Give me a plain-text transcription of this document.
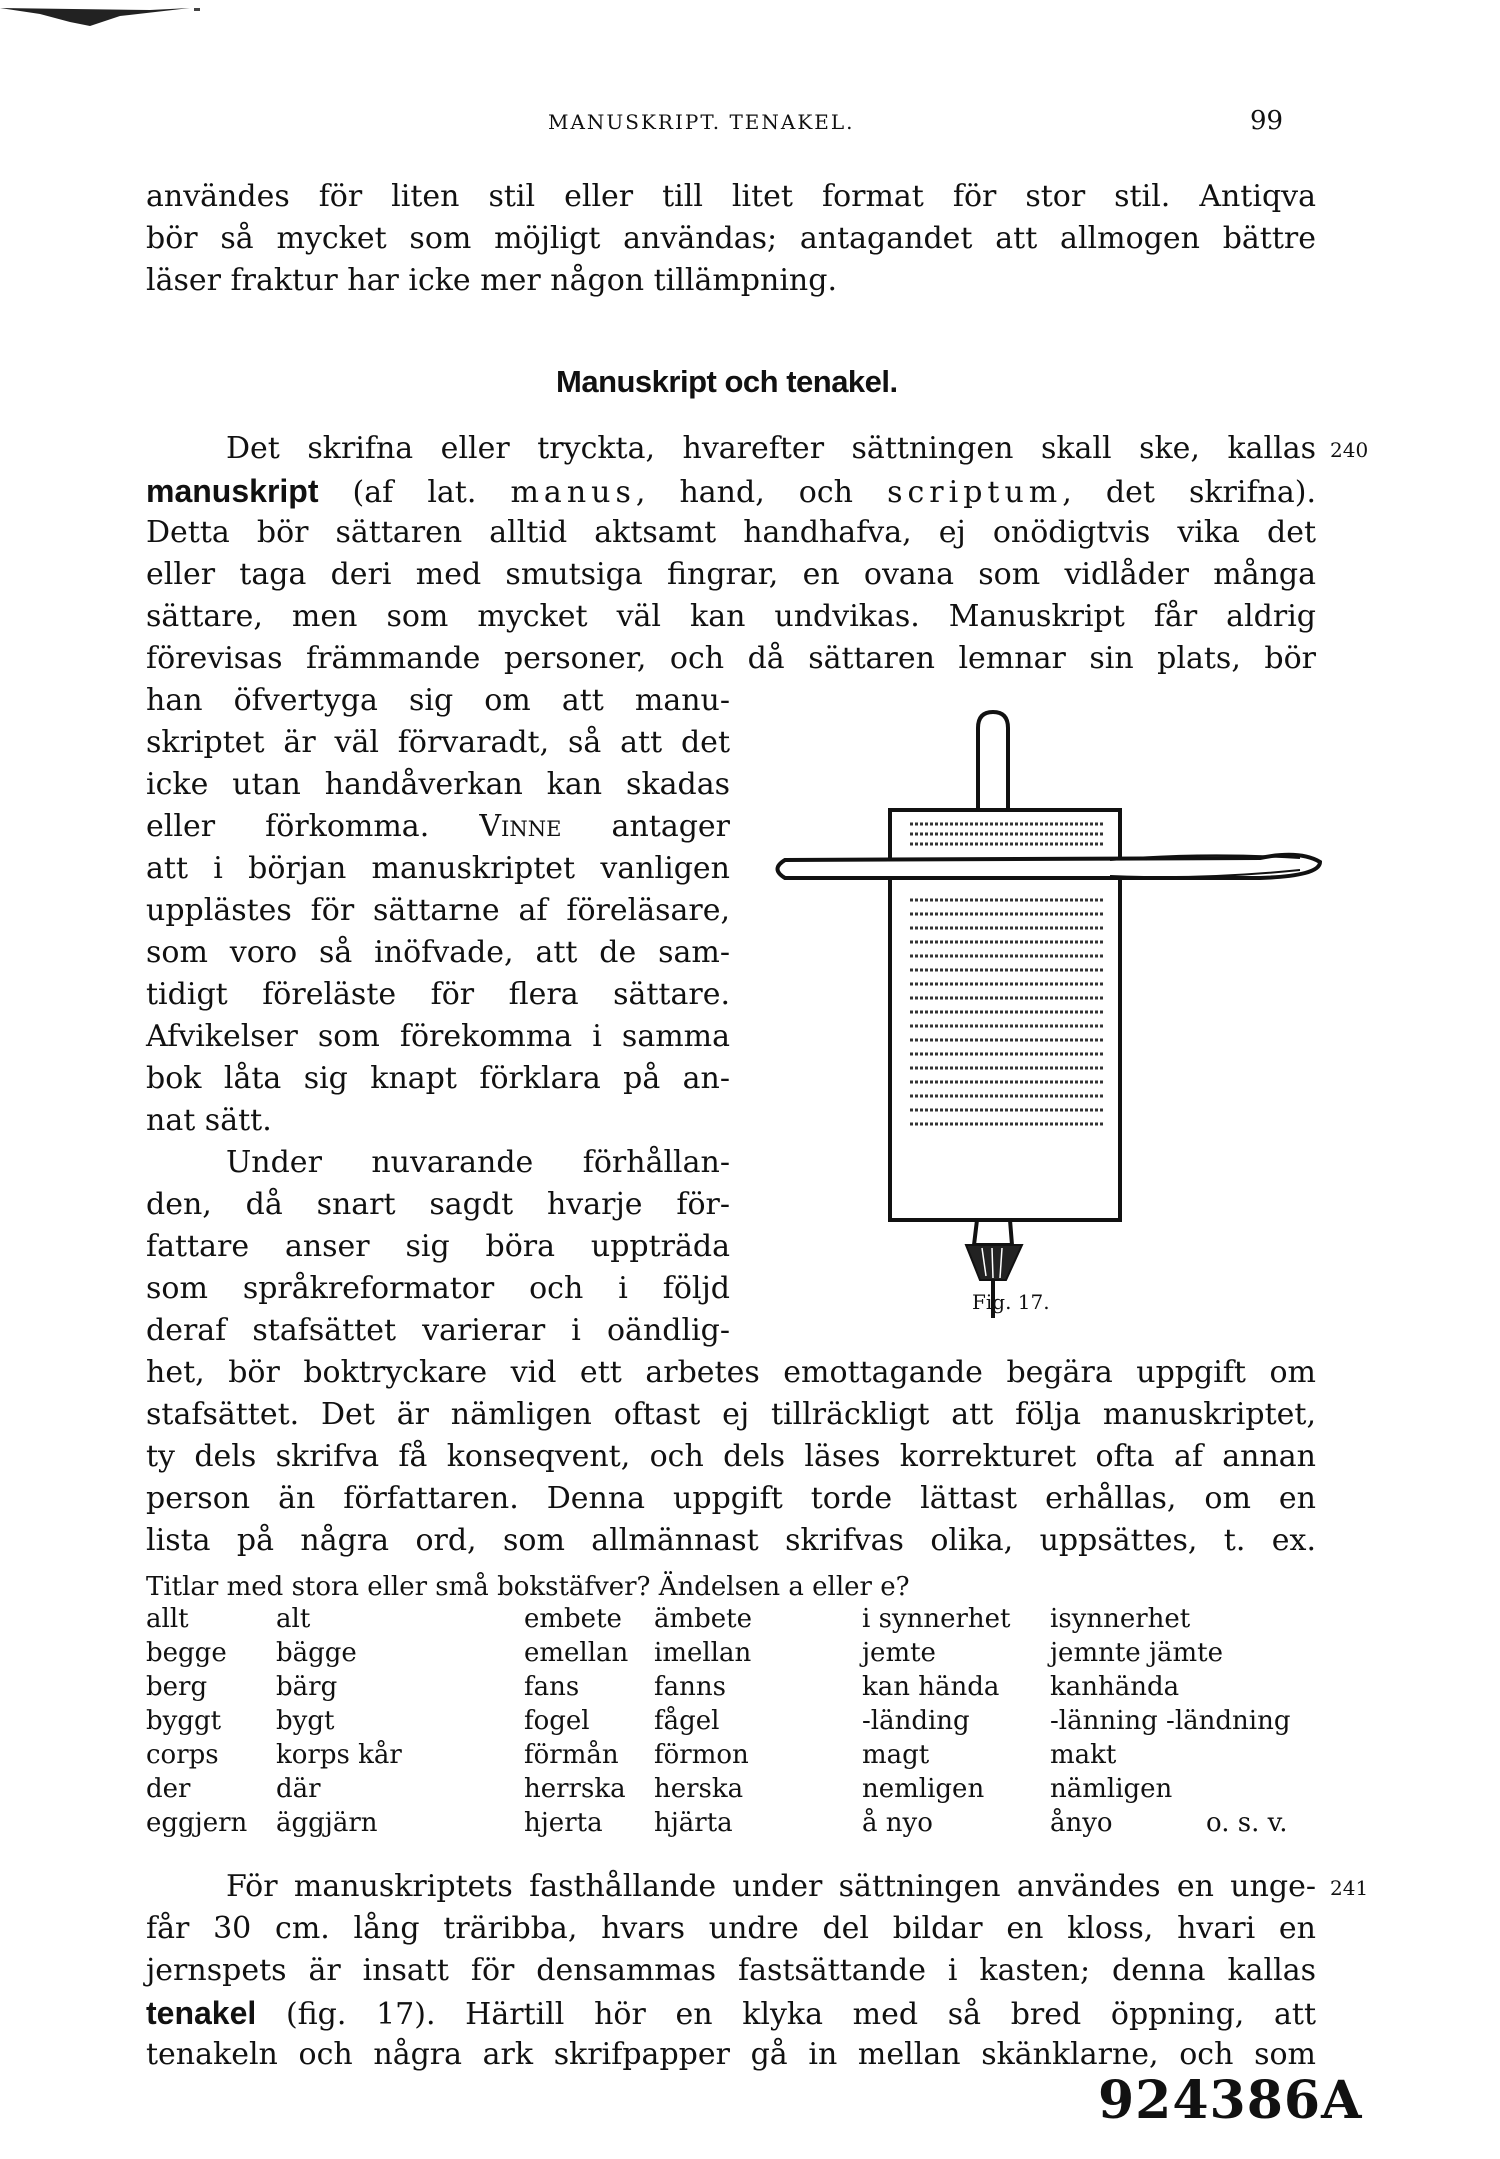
MANUSKRIPT. TENAKEL.	99
användes för liten stil eller till litet format för stor stil. Antiqva
bör så mycket som möjligt användas; antagandet att allmogen bättre
läser fraktur har icke mer någon tillämpning.
Manuskript och tenakel.
Det skrifna eller tryckta, hvarefter sättningen skall ske, kallas 240
manuskript (af lat. manus, hand, och scriptum, det skrifna).
Detta bör sättaren alltid aktsamt handhafva, ej onödigtvis vika det
eller taga deri med smutsiga fingrar, en ovana som vidlåder många
sättare, men som mycket väl kan undvikas. Manuskript får aldrig
förevisas främmande personer, och då sättaren lemnar sin plats, bör
han öfvertyga sig om att manu-
skriptet är väl förvaradt, så att det
icke utan handåverkan kan skadas
eller förkomma. Vinne antager
att i början manuskriptet vanligen
upplästes för sättarne af föreläsare,
som voro så inöfvade, att de sam-
tidigt föreläste för flera sättare.
Afvikelser som förekomma i samma
bok låta sig knapt förklara på an-
nat sätt.
Under nuvarande förhållan-
den, då snart sagdt hvarje för-
fattare anser sig böra uppträda
som språkreformator och i följd
deraf stafsättet varierar i oändlig-
het, bör boktryckare vid ett arbetes emottagande begära uppgift om
stafsättet. Det är nämligen oftast ej tillräckligt att följa manuskriptet,
ty dels skrifva få konseqvent, och dels läses korrekturet ofta af annan
person än författaren. Denna uppgift torde lättast erhållas, om en
lista på några ord, som allmännast skrifvas olika, uppsättes, t. ex.
Fig. 17.
Titlar med stora eller små bokstäfver? Ändelsen a eller e?
allt
begge
berg
byggt
corps
der
eggjern
alt
bägge
bärg
bygt
korps kår
där
äggjärn
embete
emellan
fans
fogel
förmån
herrska
hjerta
ämbete
imellan
fanns
fågel
förmon
herska
hjärta
i synnerhet
jemte
kan hända
-länding
magt
nemligen
å nyo
isynnerhet
jemnte jämte
kanhända
-länning -ländning
makt
nämligen
ånyo	o. s. v.
För manuskriptets fasthållande under sättningen användes en unge- 241
får 30 cm. lång träribba, hvars undre del bildar en kloss, hvari en
jernspets är insatt för densammas fastsättande i kasten; denna kallas
tenakel (fig. 17). Härtill hör en klyka med så bred öppning, att
tenakeln och några ark skrifpapper gå in mellan skänklarne, och som
924386A
